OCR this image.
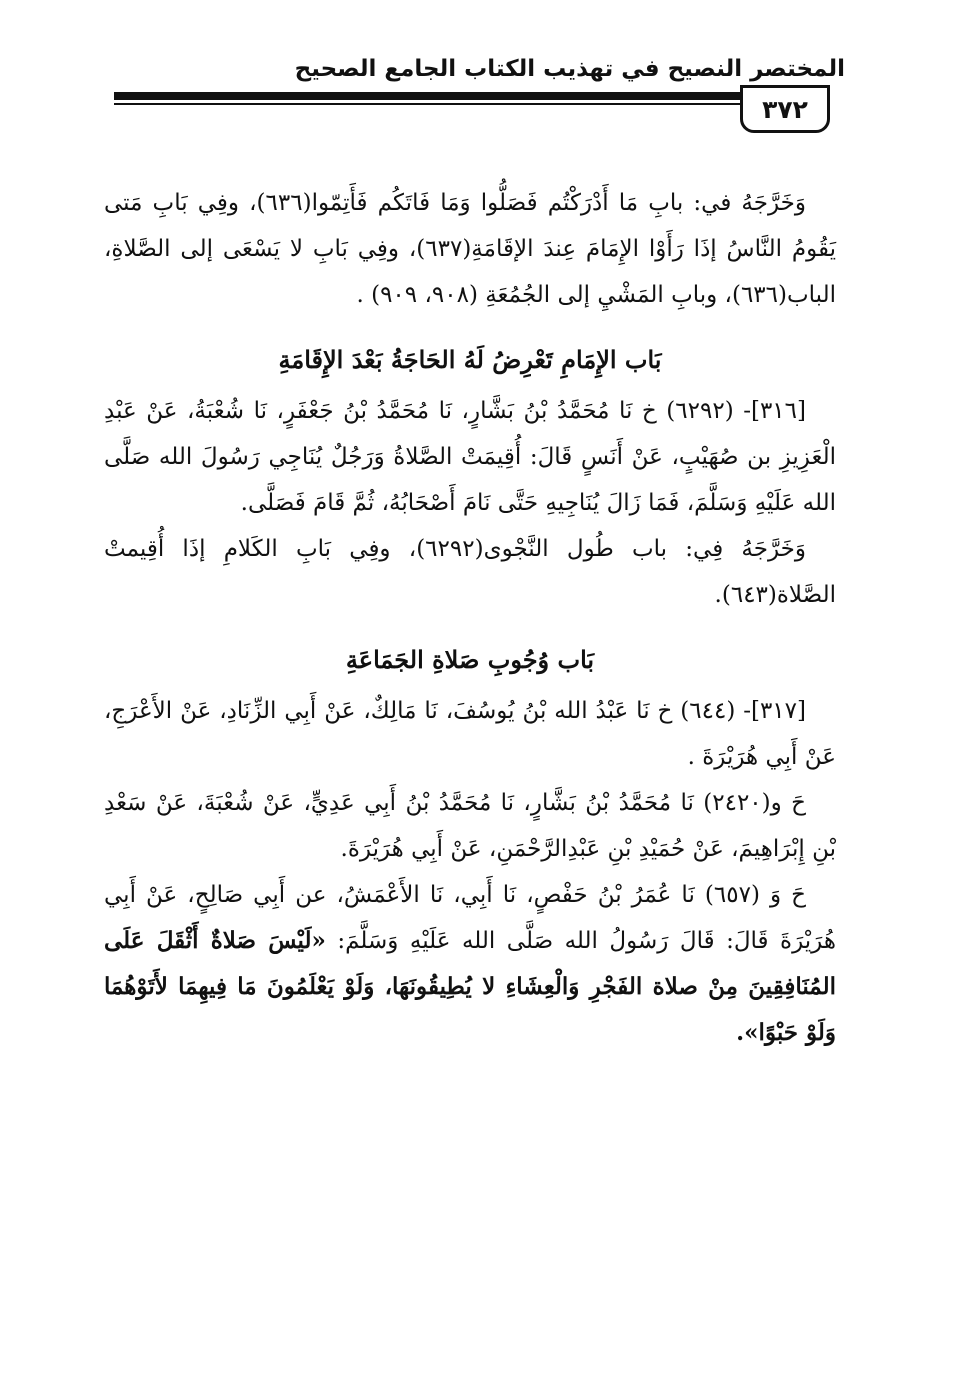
المختصر النصيح في تهذيب الكتاب الجامع الصحيح
٣٧٢

وَخَرَّجَهُ في: بابِ مَا أَدْرَكْتُم فَصَلُّوا وَمَا فَاتَكُم فَأَتِمّوا(٦٣٦)، وفِي بَابِ مَتى يَقُومُ النَّاسُ إذَا رَأَوْا الإِمَامَ عِندَ الإقَامَةِ(٦٣٧)، وفِي بَابِ لا يَسْعَى إلى الصَّلاةِ، الباب(٦٣٦)، وبابِ المَشْيِ إلى الجُمُعَةِ (٩٠٨، ٩٠٩) .

بَاب الإِمَامِ تَعْرِضُ لَهُ الحَاجَةُ بَعْدَ الإِقَامَةِ

[٣١٦]- (٦٢٩٢) خ نَا مُحَمَّدُ بْنُ بَشَّارٍ، نَا مُحَمَّدُ بْنُ جَعْفَرٍ، نَا شُعْبَةُ، عَنْ عَبْدِ الْعَزِيزِ بن صُهَيْبٍ، عَنْ أَنَسٍ قَالَ: أُقِيمَتْ الصَّلاةُ وَرَجُلٌ يُنَاجِي رَسُولَ الله صَلَّى الله عَلَيْهِ وَسَلَّمَ، فَمَا زَالَ يُنَاجِيهِ حَتَّى نَامَ أَصْحَابُهُ، ثُمَّ قَامَ فَصَلَّى.

وَخَرَّجَهُ فِي: باب طُول النَّجْوى(٦٢٩٢)، وفِي بَابِ الكَلامِ إذَا أُقِيمتْ الصَّلاة(٦٤٣).

بَاب وُجُوبِ صَلاةِ الجَمَاعَةِ

[٣١٧]- (٦٤٤) خ نَا عَبْدُ الله بْنُ يُوسُفَ، نَا مَالِكٌ، عَنْ أَبِي الزِّنَادِ، عَنْ الأَعْرَجِ، عَنْ أَبِي هُرَيْرَةَ .

حَ و(٢٤٢٠) نَا مُحَمَّدُ بْنُ بَشَّارٍ، نَا مُحَمَّدُ بْنُ أَبِي عَدِيٍّ، عَنْ شُعْبَةَ، عَنْ سَعْدِ بْنِ إِبْرَاهِيمَ، عَنْ حُمَيْدِ بْنِ عَبْدِالرَّحْمَنِ، عَنْ أَبِي هُرَيْرَةَ.

حَ وَ (٦٥٧) نَا عُمَرُ بْنُ حَفْصٍ، نَا أَبِي، نَا الأَعْمَشُ، عن أَبِي صَالِحٍ، عَنْ أَبِي هُرَيْرَةَ قَالَ: قَالَ رَسُولُ الله صَلَّى الله عَلَيْهِ وَسَلَّمَ: «لَيْسَ صَلاةٌ أَثْقَلَ عَلَى المُنَافِقِينَ مِنْ صلاة الفَجْرِ وَالْعِشَاءِ لا يُطِيقُونَهَا، وَلَوْ يَعْلَمُونَ مَا فِيهِمَا لأَتَوْهُمَا وَلَوْ حَبْوًا».
